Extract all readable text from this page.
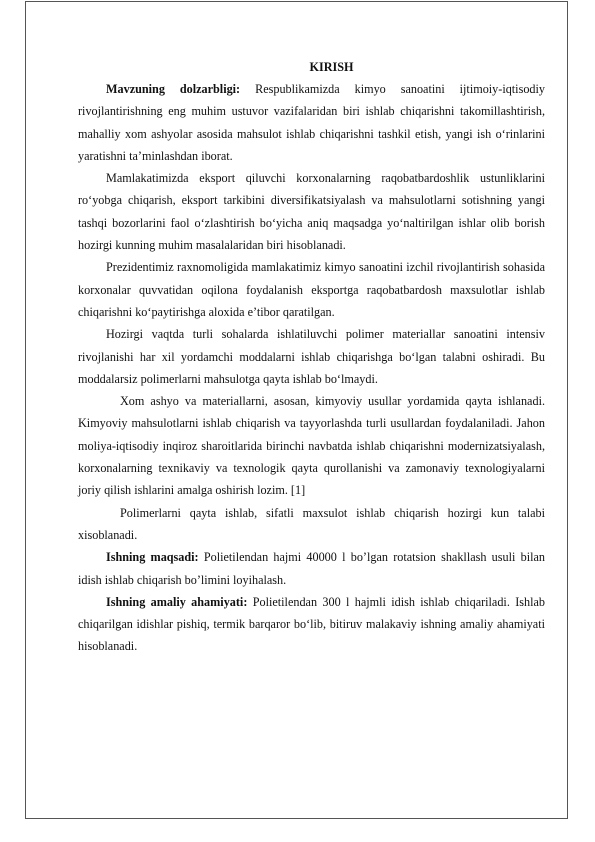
KIRISH

Mavzuning dolzarbligi: Respublikamizda kimyo sanoatini ijtimoiy-iqtisodiy rivojlantirishning eng muhim ustuvor vazifalaridan biri ishlab chiqarishni takomillashtirish, mahalliy xom ashyolar asosida mahsulot ishlab chiqarishni tashkil etish, yangi ish o‘rinlarini yaratishni ta’minlashdan iborat.

Mamlakatimizda eksport qiluvchi korxonalarning raqobatbardoshlik ustunliklarini ro‘yobga chiqarish, eksport tarkibini diversifikatsiyalash va mahsulotlarni sotishning yangi tashqi bozorlarini faol o‘zlashtirish bo‘yicha aniq maqsadga yo‘naltirilgan ishlar olib borish hozirgi kunning muhim masalalaridan biri hisoblanadi.

Prezidentimiz raxnomoligida mamlakatimiz kimyo sanoatini izchil rivojlantirish sohasida korxonalar quvvatidan oqilona foydalanish eksportga raqobatbardosh maxsulotlar ishlab chiqarishni ko‘paytirishga aloxida e’tibor qaratilgan.

Hozirgi vaqtda turli sohalarda ishlatiluvchi polimer materiallar sanoatini intensiv rivojlanishi har xil yordamchi moddalarni ishlab chiqarishga bo‘lgan talabni oshiradi. Bu moddalarsiz polimerlarni mahsulotga qayta ishlab bo‘lmaydi.

Xom ashyo va materiallarni, asosan, kimyoviy usullar yordamida qayta ishlanadi. Kimyoviy mahsulotlarni ishlab chiqarish va tayyorlashda turli usullardan foydalaniladi. Jahon moliya-iqtisodiy inqiroz sharoitlarida birinchi navbatda ishlab chiqarishni modernizatsiyalash, korxonalarning texnikaviy va texnologik qayta qurollanishi va zamonaviy texnologiyalarni joriy qilish ishlarini amalga oshirish lozim. [1]

Polimerlarni qayta ishlab, sifatli maxsulot ishlab chiqarish hozirgi kun talabi xisoblanadi.

Ishning maqsadi: Polietilendan hajmi 40000 l bo’lgan rotatsion shakllash usuli bilan idish ishlab chiqarish bo’limini loyihalash.

Ishning amaliy ahamiyati: Polietilendan 300 l hajmli idish ishlab chiqariladi. Ishlab chiqarilgan idishlar pishiq, termik barqaror bo‘lib, bitiruv malakaviy ishning amaliy ahamiyati hisoblanadi.
